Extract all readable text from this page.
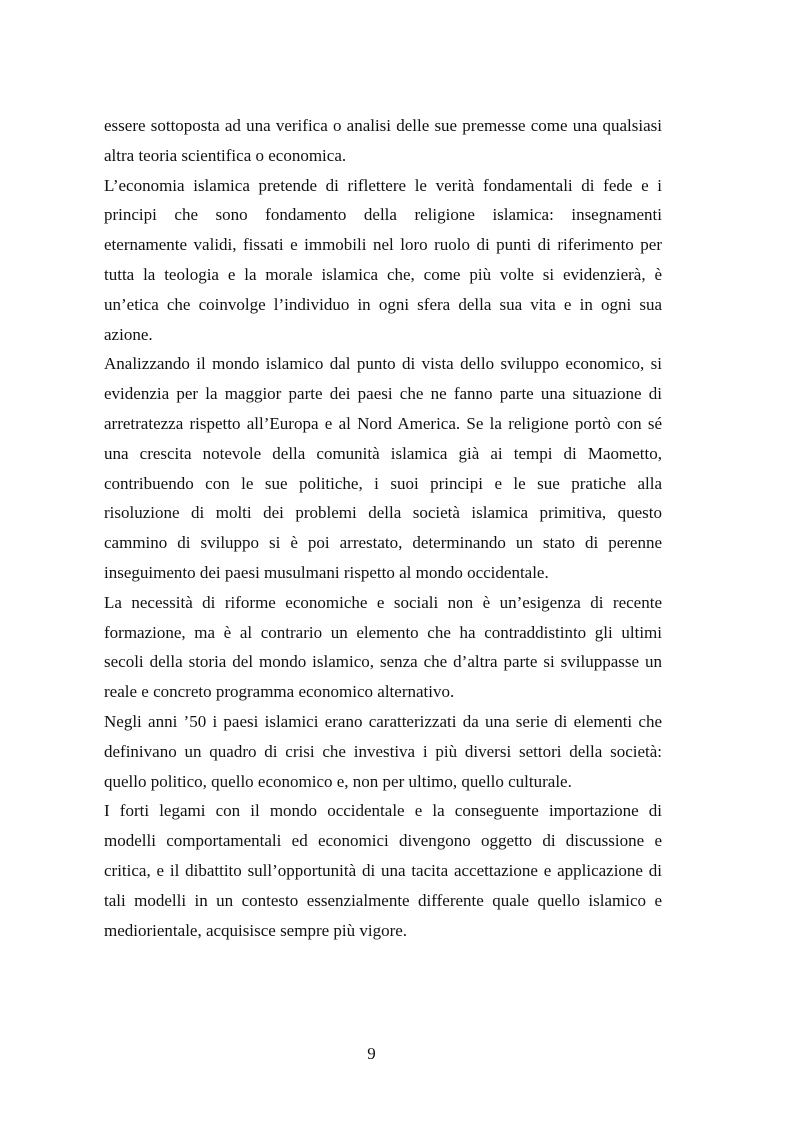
essere sottoposta ad una verifica o analisi delle sue premesse come una qualsiasi
altra teoria scientifica o economica.
L’economia islamica pretende di riflettere le verità fondamentali di fede e i
principi che sono fondamento della religione islamica: insegnamenti
eternamente validi, fissati e immobili nel loro ruolo di punti di riferimento per
tutta la teologia e la morale islamica che, come più volte si evidenzierà, è
un’etica che coinvolge l’individuo in ogni sfera della sua vita e in ogni sua
azione.
Analizzando il mondo islamico dal punto di vista dello sviluppo economico, si
evidenzia per la maggior parte dei paesi che ne fanno parte una situazione di
arretratezza rispetto all’Europa e al Nord America. Se la religione portò con sé
una crescita notevole della comunità islamica già ai tempi di Maometto,
contribuendo con le sue politiche, i suoi principi e le sue pratiche alla
risoluzione di molti dei problemi della società islamica primitiva, questo
cammino di sviluppo si è poi arrestato, determinando un stato di perenne
inseguimento dei paesi musulmani rispetto al mondo occidentale.
La necessità di riforme economiche e sociali non è un’esigenza di recente
formazione, ma è al contrario un elemento che ha contraddistinto gli ultimi
secoli della storia del mondo islamico, senza che d’altra parte si sviluppasse un
reale e concreto programma economico alternativo.
Negli anni ’50 i paesi islamici erano caratterizzati da una serie di elementi che
definivano un quadro di crisi che investiva i più diversi settori della società:
quello politico, quello economico e, non per ultimo, quello culturale.
I forti legami con il mondo occidentale e la conseguente importazione di
modelli comportamentali ed economici divengono oggetto di discussione e
critica, e il dibattito sull’opportunità di una tacita accettazione e applicazione di
tali modelli in un contesto essenzialmente differente quale quello islamico e
mediorientale, acquisisce sempre più vigore.
9
